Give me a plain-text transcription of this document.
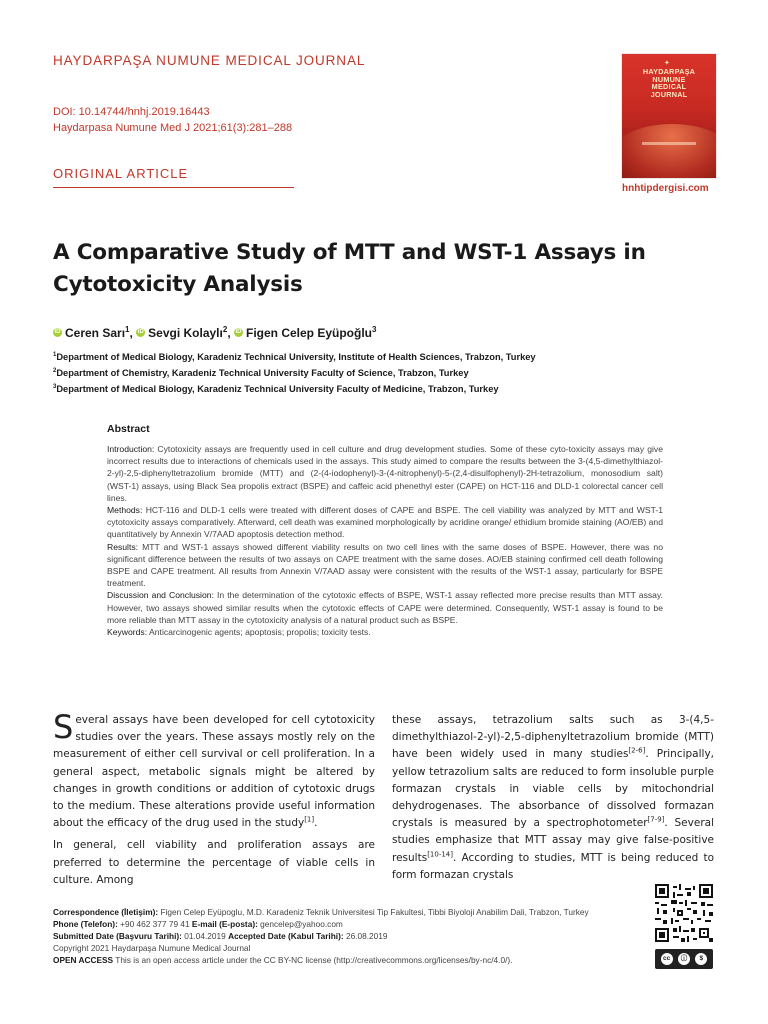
HAYDARPAŞA NUMUNE MEDICAL JOURNAL
DOI: 10.14744/hnhj.2019.16443
Haydarpasa Numune Med J 2021;61(3):281–288
ORIGINAL ARTICLE
✦
HAYDARPAŞA
NUMUNE
MEDICAL
JOURNAL
hnhtipdergisi.com
A Comparative Study of MTT and WST-1 Assays in Cytotoxicity Analysis
iD Ceren Sarı$^1$, iD Sevgi Kolaylı$^2$, iD Figen Celep Eyüpoğlu$^3$
$^1$Department of Medical Biology, Karadeniz Technical University, Institute of Health Sciences, Trabzon, Turkey
$^2$Department of Chemistry, Karadeniz Technical University Faculty of Science, Trabzon, Turkey
$^3$Department of Medical Biology, Karadeniz Technical University Faculty of Medicine, Trabzon, Turkey
Abstract

Introduction: Cytotoxicity assays are frequently used in cell culture and drug development studies. Some of these cyto-toxicity assays may give incorrect results due to interactions of chemicals used in the assays. This study aimed to compare the results between the 3-(4,5-dimethylthiazol-2-yl)-2,5-diphenyltetrazolium bromide (MTT) and (2-(4-iodophenyl)-3-(4-nitrophenyl)-5-(2,4-disulfophenyl)-2H-tetrazolium, monosodium salt) (WST-1) assays, using Black Sea propolis extract (BSPE) and caffeic acid phenethyl ester (CAPE) on HCT-116 and DLD-1 colorectal cancer cell lines.

Methods: HCT-116 and DLD-1 cells were treated with different doses of CAPE and BSPE. The cell viability was analyzed by MTT and WST-1 cytotoxicity assays comparatively. Afterward, cell death was examined morphologically by acridine orange/ ethidium bromide staining (AO/EB) and quantitatively by Annexin V/7AAD apoptosis detection method.

Results: MTT and WST-1 assays showed different viability results on two cell lines with the same doses of BSPE. However, there was no significant difference between the results of two assays on CAPE treatment with the same doses. AO/EB staining confirmed cell death following BSPE and CAPE treatment. All results from Annexin V/7AAD assay were consistent with the results of the WST-1 assay, particularly for BSPE treatment.

Discussion and Conclusion: In the determination of the cytotoxic effects of BSPE, WST-1 assay reflected more precise results than MTT assay. However, two assays showed similar results when the cytotoxic effects of CAPE were determined. Consequently, WST-1 assay is found to be more reliable than MTT assay in the cytotoxicity analysis of a natural product such as BSPE.

Keywords: Anticarcinogenic agents; apoptosis; propolis; toxicity tests.

Several assays have been developed for cell cytotoxicity studies over the years. These assays mostly rely on the measurement of either cell survival or cell proliferation. In a general aspect, metabolic signals might be altered by changes in growth conditions or addition of cytotoxic drugs to the medium. These alterations provide useful information about the efficacy of the drug used in the study[1].

In general, cell viability and proliferation assays are preferred to determine the percentage of viable cells in culture. Among

these assays, tetrazolium salts such as 3-(4,5-dimethylthiazol-2-yl)-2,5-diphenyltetrazolium bromide (MTT) have been widely used in many studies[2-6]. Principally, yellow tetrazolium salts are reduced to form insoluble purple formazan crystals in viable cells by mitochondrial dehydrogenases. The absorbance of dissolved formazan crystals is measured by a spectrophotometer[7-9]. Several studies emphasize that MTT assay may give false-positive results[10-14]. According to studies, MTT is being reduced to form formazan crystals

Correspondence (İletişim): Figen Celep Eyüpoglu, M.D. Karadeniz Teknik Universitesi Tip Fakultesi, Tibbi Biyoloji Anabilim Dali, Trabzon, Turkey
Phone (Telefon): +90 462 377 79 41 E-mail (E-posta): gencelep@yahoo.com
Submitted Date (Başvuru Tarihi): 01.04.2019 Accepted Date (Kabul Tarihi): 26.08.2019
Copyright 2021 Haydarpaşa Numune Medical Journal
OPEN ACCESS This is an open access article under the CC BY-NC license (http://creativecommons.org/licenses/by-nc/4.0/).	cc	ⓘ	$
